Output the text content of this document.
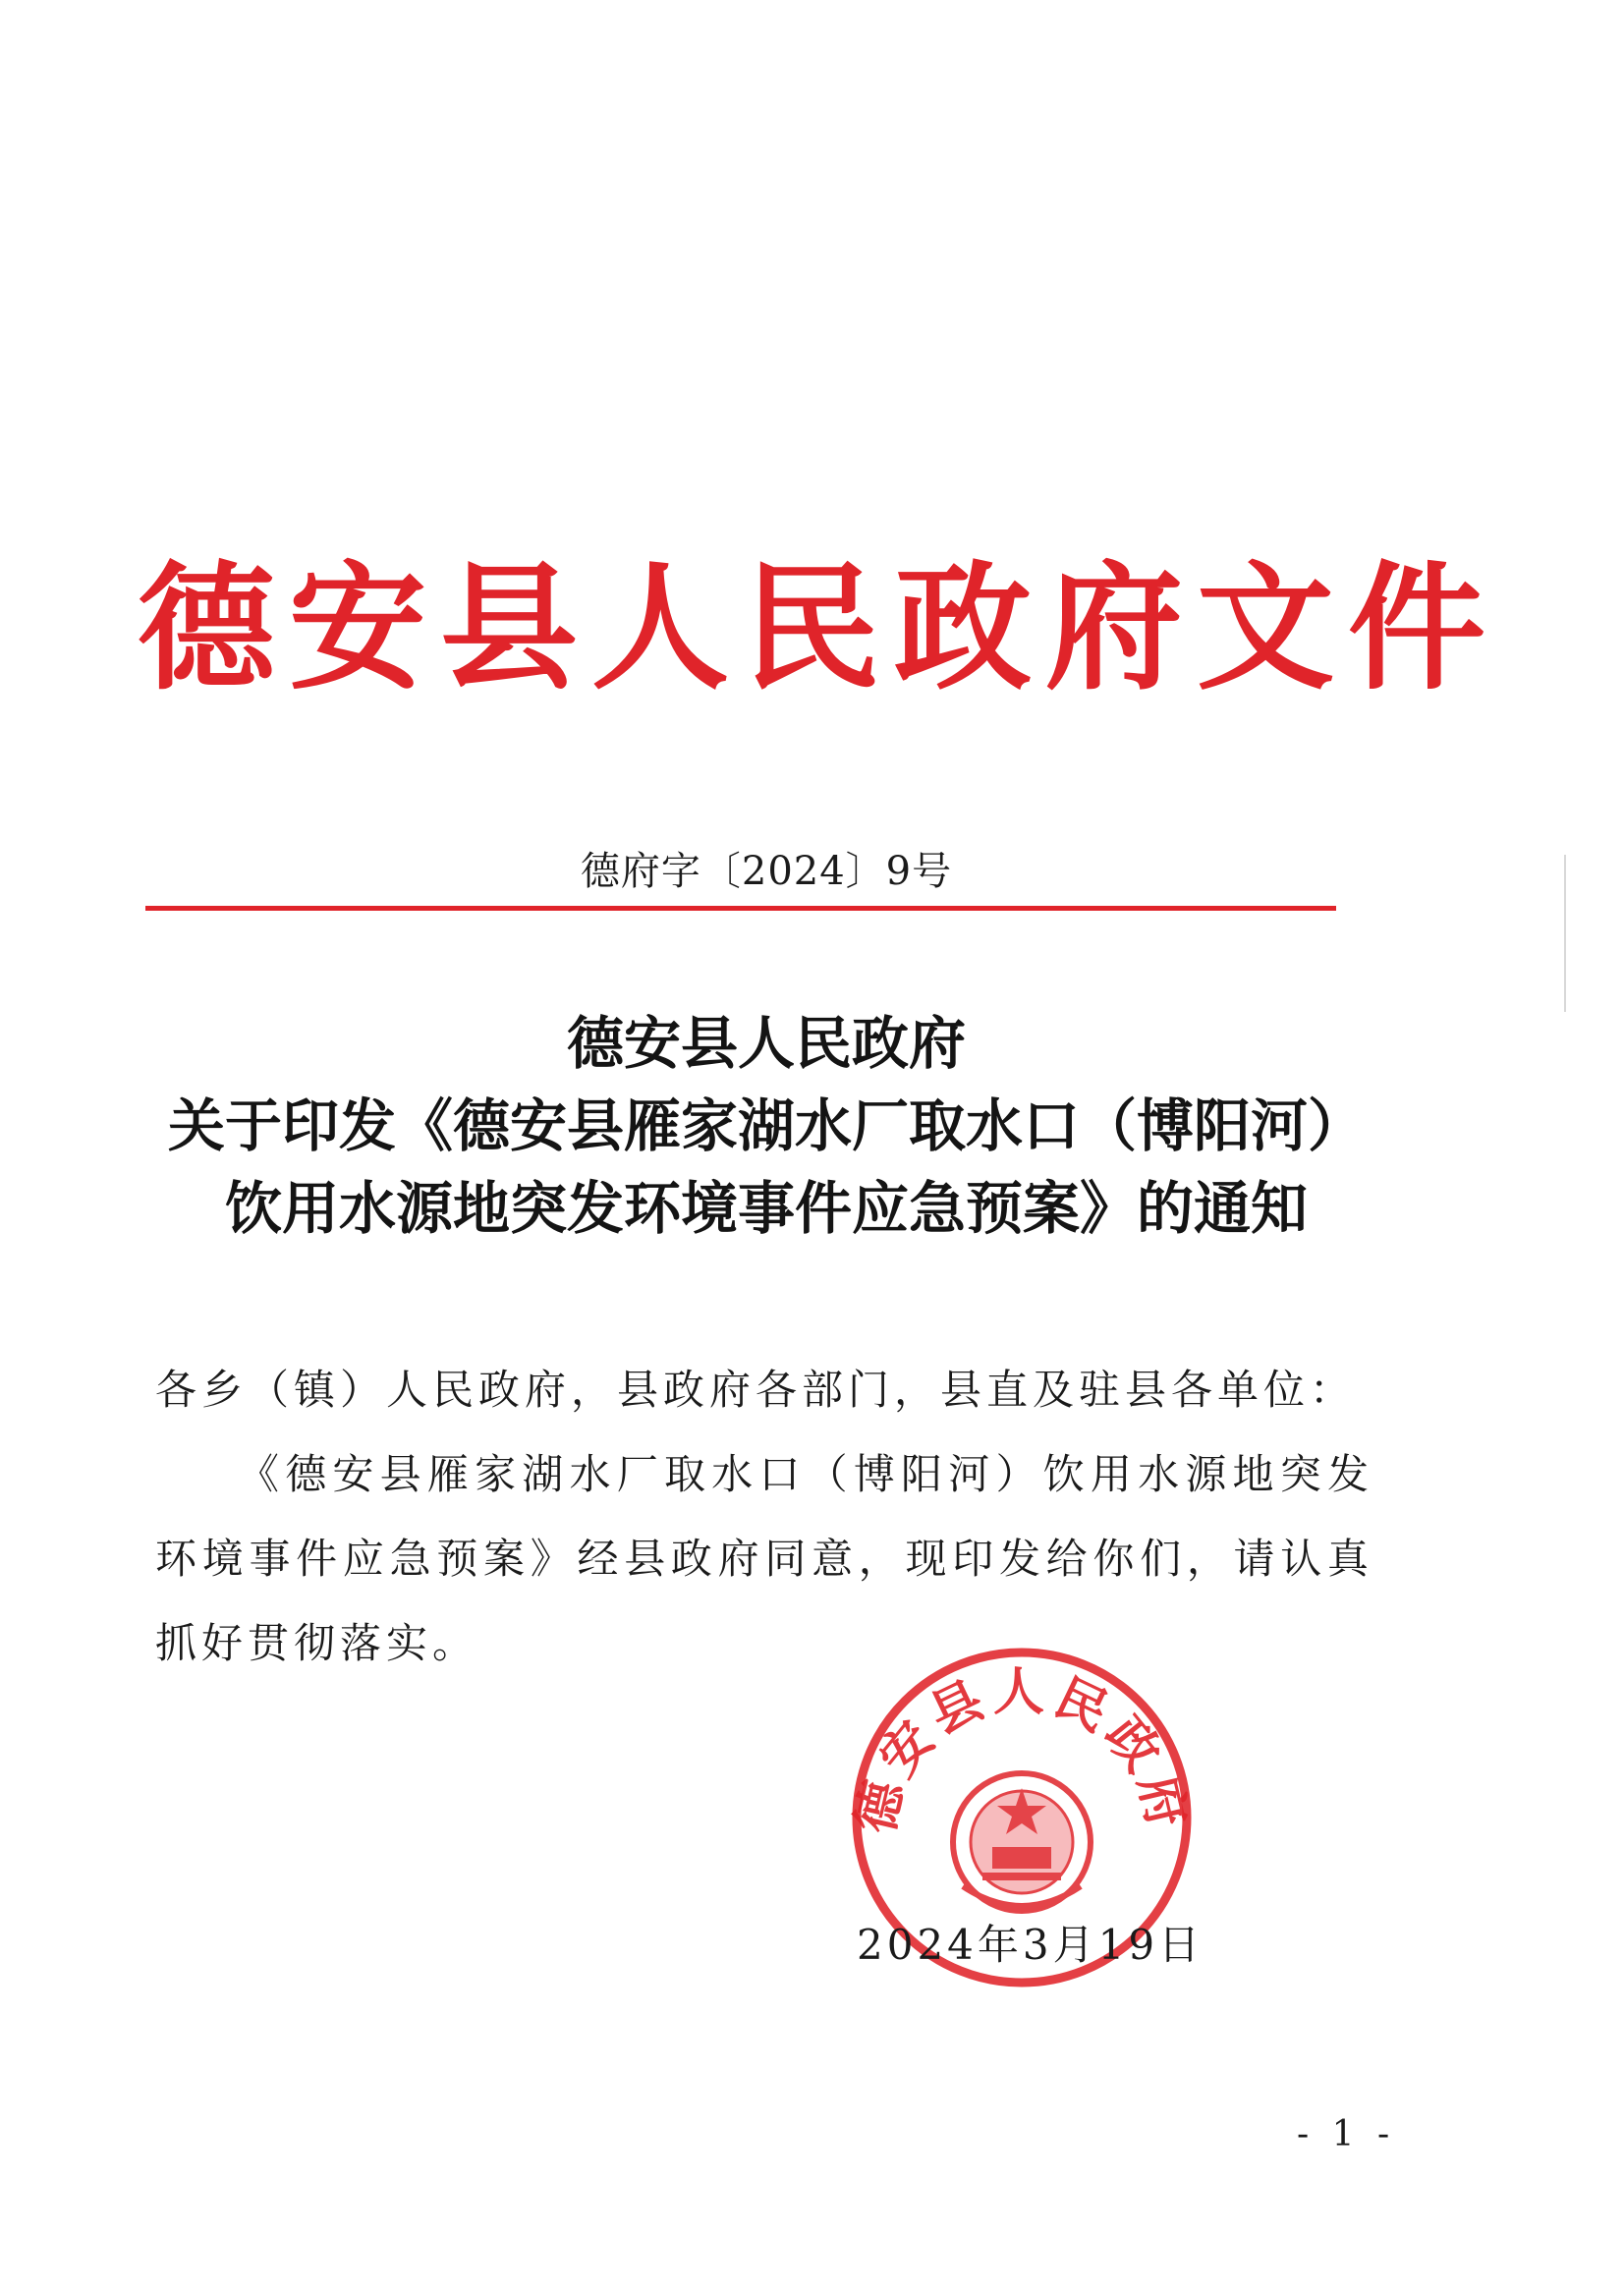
德安县人民政府文件
德府字〔2024〕9号
德安县人民政府
关于印发《德安县雁家湖水厂取水口（博阳河）
饮用水源地突发环境事件应急预案》的通知
各乡（镇）人民政府，县政府各部门，县直及驻县各单位：
《德安县雁家湖水厂取水口（博阳河）饮用水源地突发环境事件应急预案》经县政府同意，现印发给你们，请认真抓好贯彻落实。
德安县人民政府
2024年3月19日
- 1 -
